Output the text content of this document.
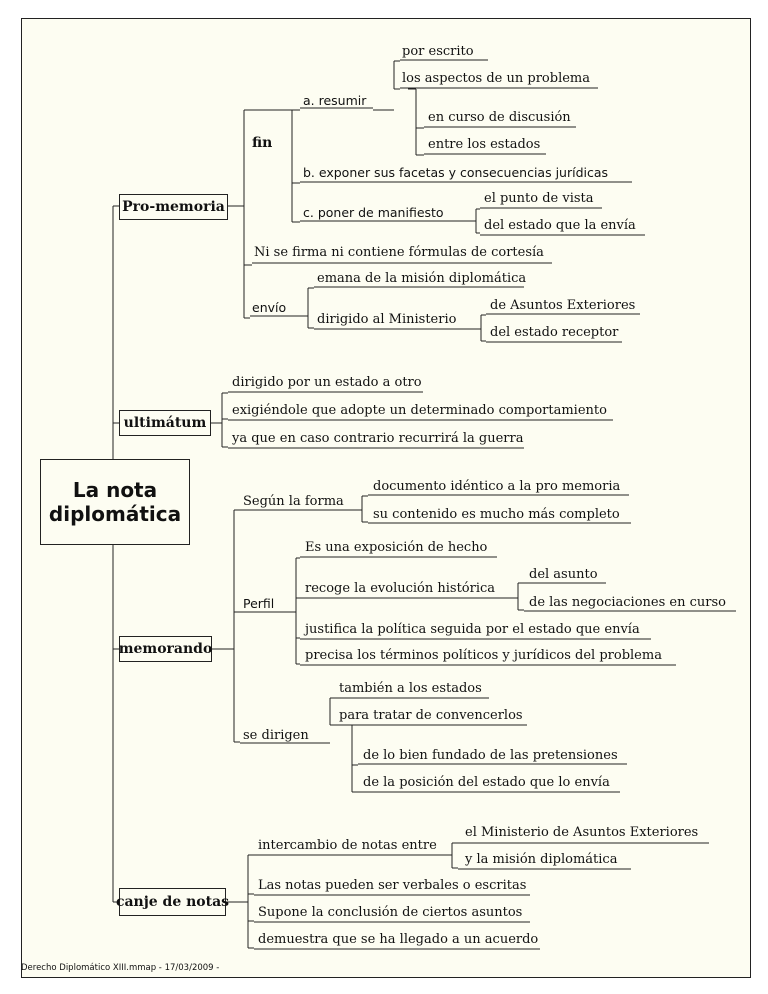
La nota
diplomática
Pro-memoria
ultimátum
memorando
canje de notas
fin
a. resumir
por escrito
los aspectos de un problema
en curso de discusión
entre los estados
b. exponer sus facetas y consecuencias jurídicas
c. poner de manifiesto
el punto de vista
del estado que la envía
Ni se firma ni contiene fórmulas de cortesía
envío
emana de la misión diplomática
dirigido al Ministerio
de Asuntos Exteriores
del estado receptor
dirigido por un estado a otro
exigiéndole que adopte un determinado comportamiento
ya que en caso contrario recurrirá la guerra
Según la forma
documento idéntico a la pro memoria
su contenido es mucho más completo
Perfil
Es una exposición de hecho
recoge la evolución histórica
del asunto
de las negociaciones en curso
justifica la política seguida por el estado que envía
precisa los términos políticos y jurídicos del problema
se dirigen
también a los estados
para tratar de convencerlos
de lo bien fundado de las pretensiones
de la posición del estado que lo envía
intercambio de notas entre
el Ministerio de Asuntos Exteriores
y la misión diplomática
Las notas pueden ser verbales o escritas
Supone la conclusión de ciertos asuntos
demuestra que se ha llegado a un acuerdo
Derecho Diplomático XIII.mmap - 17/03/2009 -
